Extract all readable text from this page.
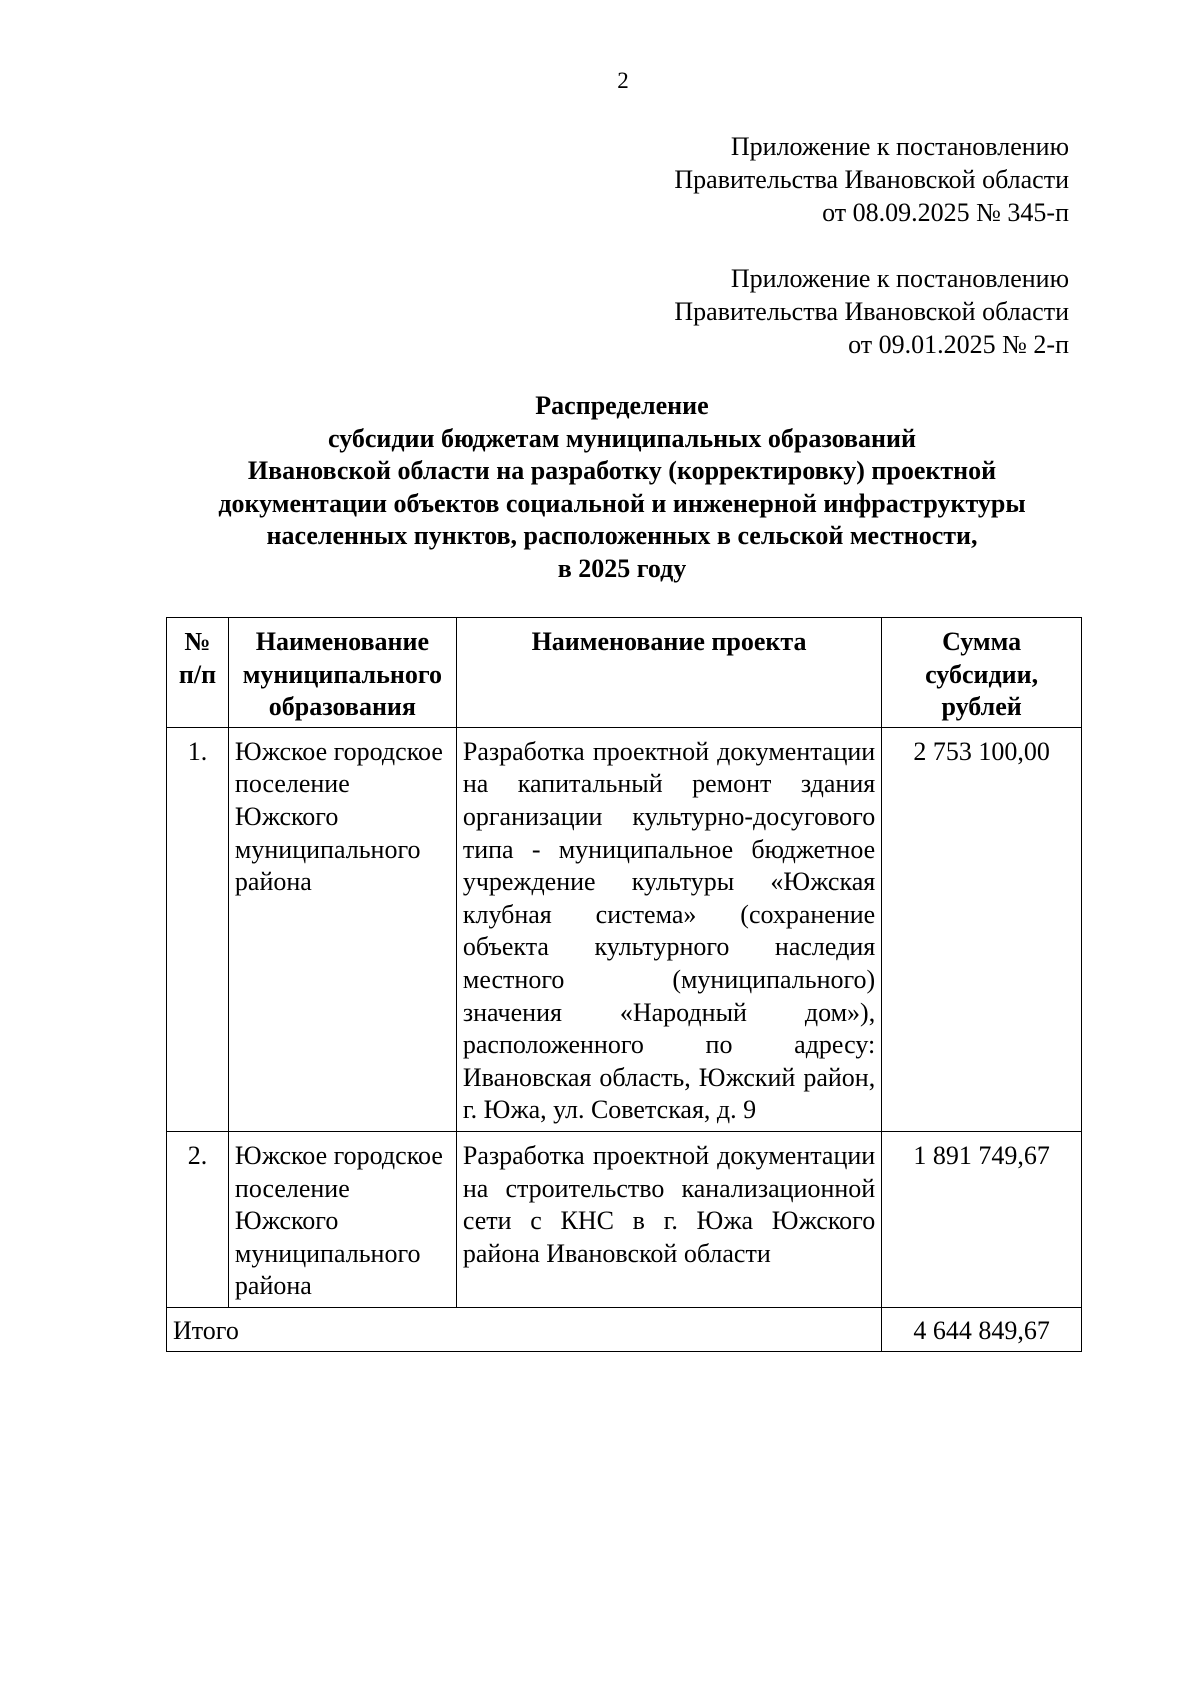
2
Приложение к постановлению
Правительства Ивановской области
от 08.09.2025 № 345-п
Приложение к постановлению
Правительства Ивановской области
от 09.01.2025 № 2-п
Распределение
субсидии бюджетам муниципальных образований
Ивановской области на разработку (корректировку) проектной
документации объектов социальной и инженерной инфраструктуры
населенных пунктов, расположенных в сельской местности,
в 2025 году
№ п/п	Наименование муниципального образования	Наименование проекта	Сумма субсидии, рублей
1.	Южское городское поселение Южского муниципального района	Разработка проектной документации на капитальный ремонт здания организации культурно-досугового типа - муниципальное бюджетное учреждение культуры «Южская клубная система» (сохранение объекта культурного наследия местного (муниципального) значения «Народный дом»), расположенного по адресу: Ивановская область, Южский район, г. Южа, ул. Советская, д. 9	2 753 100,00
2.	Южское городское поселение Южского муниципального района	Разработка проектной документации на строительство канализационной сети с КНС в г. Южа Южского района Ивановской области	1 891 749,67
Итого			4 644 849,67
